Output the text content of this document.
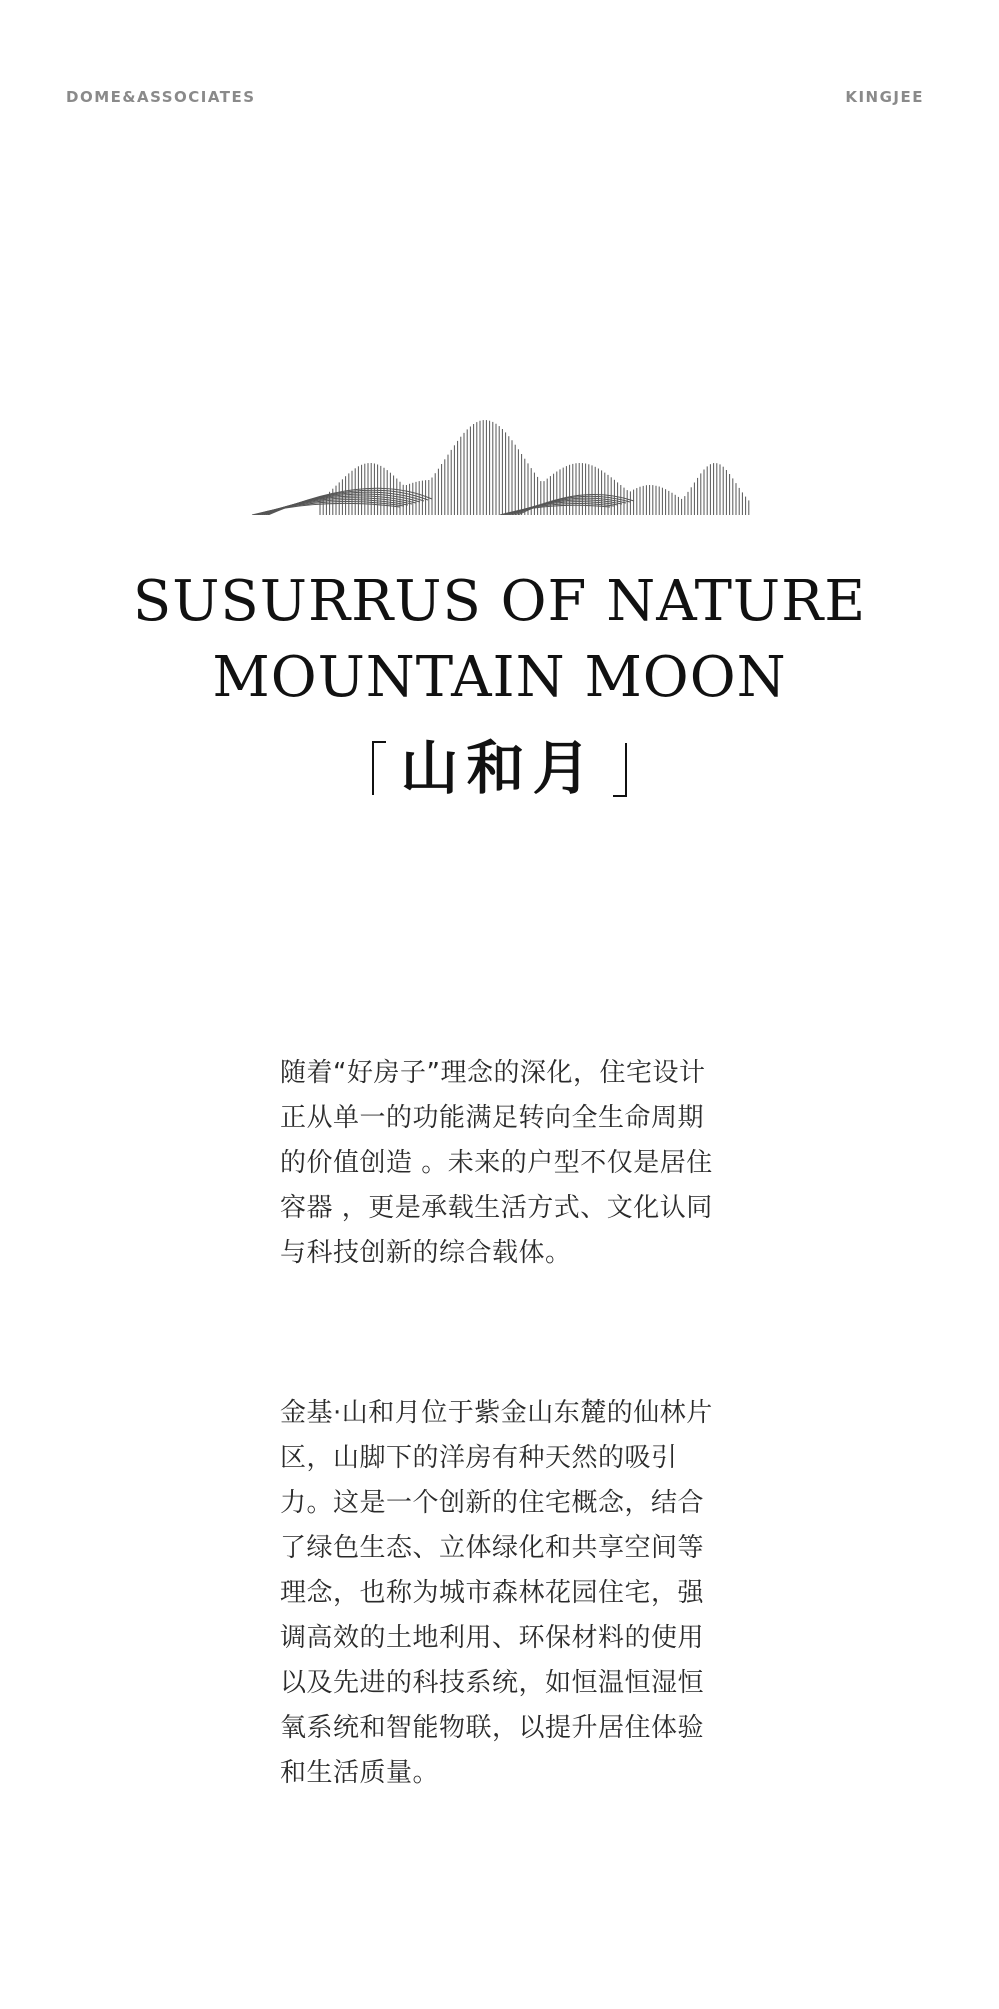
DOME&ASSOCIATES	KINGJEE
SUSURRUS OF NATURE
MOUNTAIN MOON
山和月

随着“好房子”理念的深化，住宅设计正从单一的功能满足转向全生命周期的价值创造 。未来的户型不仅是居住容器 ，更是承载生活方式、文化认同与科技创新的综合载体。

金基·山和月位于紫金山东麓的仙林片区，山脚下的洋房有种天然的吸引力。这是一个创新的住宅概念，结合了绿色生态、立体绿化和共享空间等理念，也称为城市森林花园住宅，强调高效的土地利用、环保材料的使用以及先进的科技系统，如恒温恒湿恒氧系统和智能物联，以提升居住体验和生活质量。
